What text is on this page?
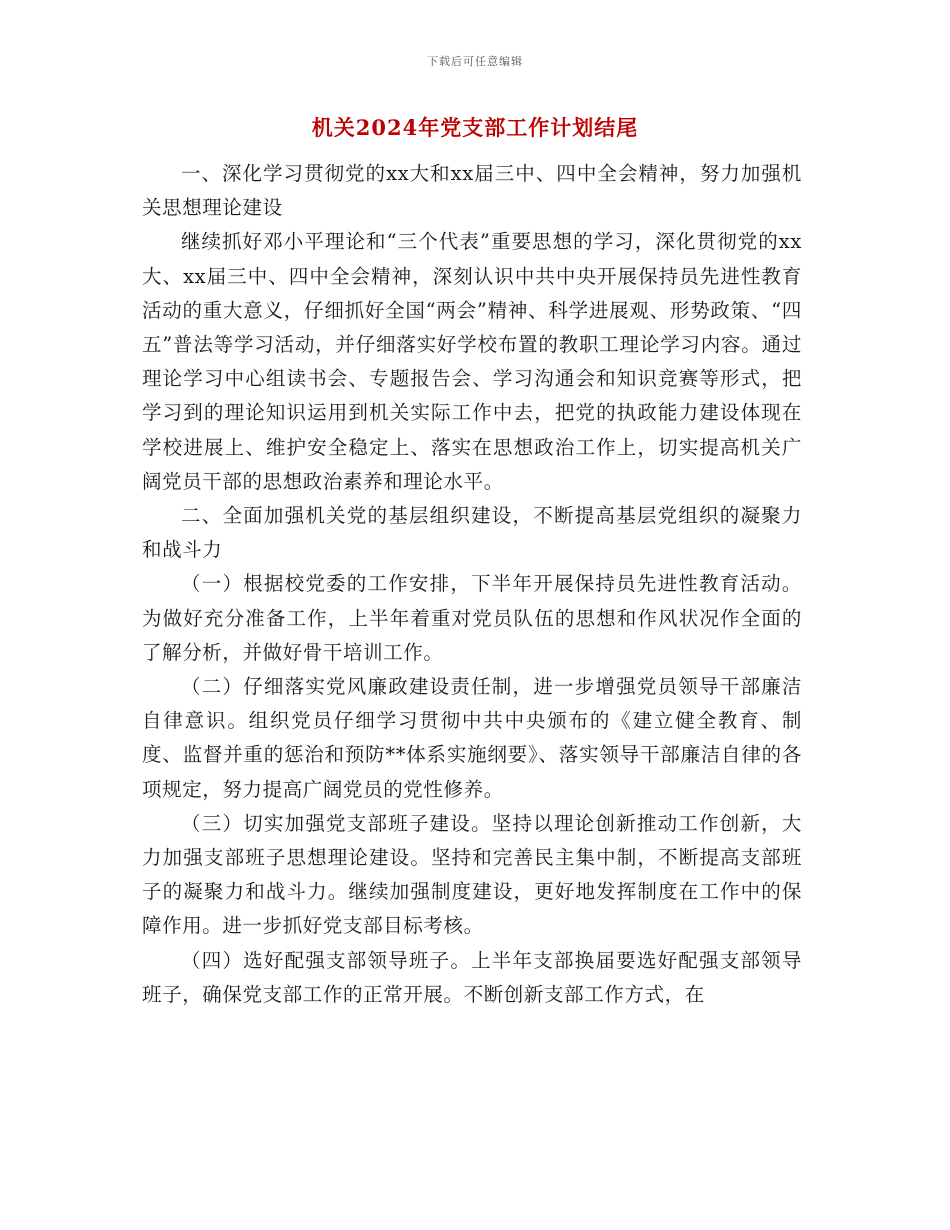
下载后可任意编辑
机关2024年党支部工作计划结尾

一、深化学习贯彻党的xx大和xx届三中、四中全会精神，努力加强机关思想理论建设

继续抓好邓小平理论和“三个代表”重要思想的学习，深化贯彻党的xx大、xx届三中、四中全会精神，深刻认识中共中央开展保持员先进性教育活动的重大意义，仔细抓好全国“两会”精神、科学进展观、形势政策、“四五”普法等学习活动，并仔细落实好学校布置的教职工理论学习内容。通过理论学习中心组读书会、专题报告会、学习沟通会和知识竞赛等形式，把学习到的理论知识运用到机关实际工作中去，把党的执政能力建设体现在学校进展上、维护安全稳定上、落实在思想政治工作上，切实提高机关广阔党员干部的思想政治素养和理论水平。

二、全面加强机关党的基层组织建设，不断提高基层党组织的凝聚力和战斗力

（一）根据校党委的工作安排，下半年开展保持员先进性教育活动。为做好充分准备工作，上半年着重对党员队伍的思想和作风状况作全面的了解分析，并做好骨干培训工作。

（二）仔细落实党风廉政建设责任制，进一步增强党员领导干部廉洁自律意识。组织党员仔细学习贯彻中共中央颁布的《建立健全教育、制度、监督并重的惩治和预防**体系实施纲要》、落实领导干部廉洁自律的各项规定，努力提高广阔党员的党性修养。

（三）切实加强党支部班子建设。坚持以理论创新推动工作创新，大力加强支部班子思想理论建设。坚持和完善民主集中制，不断提高支部班子的凝聚力和战斗力。继续加强制度建设，更好地发挥制度在工作中的保障作用。进一步抓好党支部目标考核。

（四）选好配强支部领导班子。上半年支部换届要选好配强支部领导班子，确保党支部工作的正常开展。不断创新支部工作方式，在
